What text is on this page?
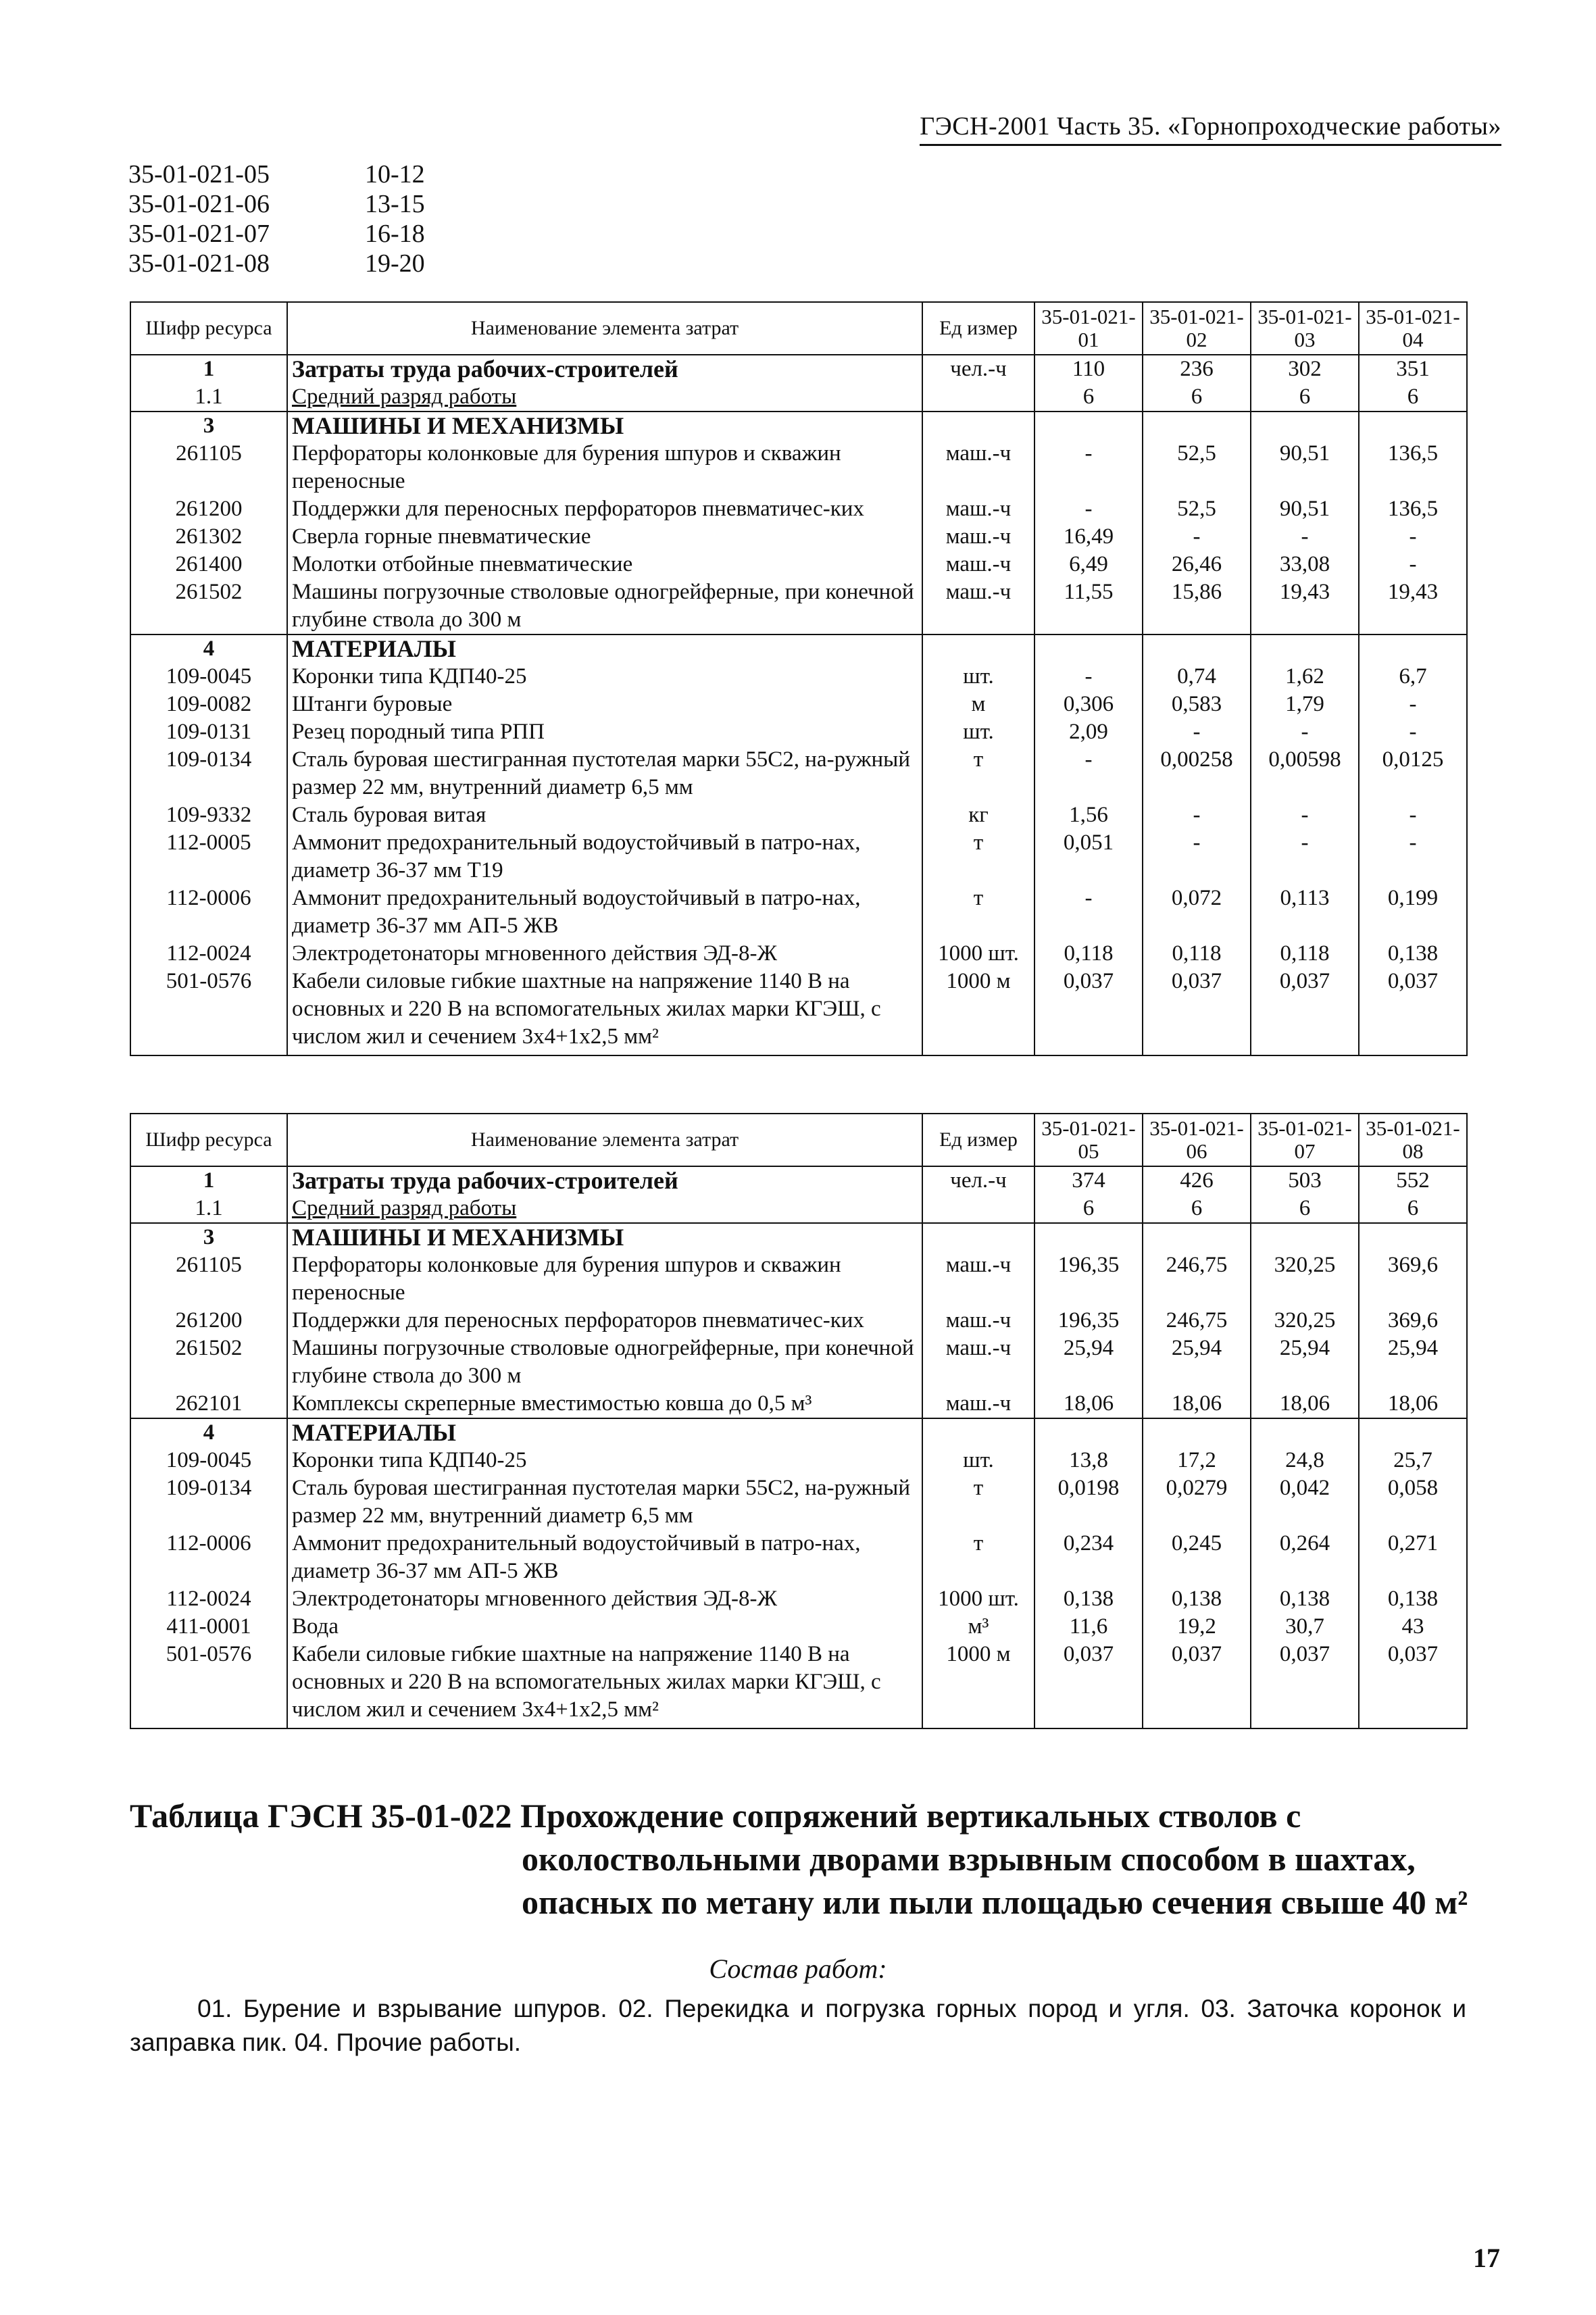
ГЭСН-2001 Часть 35. «Горнопроходческие работы»
35-01-021-05	10-12
35-01-021-06	13-15
35-01-021-07	16-18
35-01-021-08	19-20
Шифр ресурса	Наименование элемента затрат	Ед измер	35-01-021-01	35-01-021-02	35-01-021-03	35-01-021-04
1	Затраты труда рабочих-строителей	чел.-ч	110	236	302	351
1.1	Средний разряд работы		6	6	6	6
3	МАШИНЫ И МЕХАНИЗМЫ					
261105	Перфораторы колонковые для бурения шпуров и скважин переносные	маш.-ч	-	52,5	90,51	136,5
261200	Поддержки для переносных перфораторов пневматичес-ких	маш.-ч	-	52,5	90,51	136,5
261302	Сверла горные пневматические	маш.-ч	16,49	-	-	-
261400	Молотки отбойные пневматические	маш.-ч	6,49	26,46	33,08	-
261502	Машины погрузочные стволовые одногрейферные, при конечной глубине ствола до 300 м	маш.-ч	11,55	15,86	19,43	19,43
4	МАТЕРИАЛЫ					
109-0045	Коронки типа КДП40-25	шт.	-	0,74	1,62	6,7
109-0082	Штанги буровые	м	0,306	0,583	1,79	-
109-0131	Резец породный типа РПП	шт.	2,09	-	-	-
109-0134	Сталь буровая шестигранная пустотелая марки 55С2, на-ружный размер 22 мм, внутренний диаметр 6,5 мм	т	-	0,00258	0,00598	0,0125
109-9332	Сталь буровая витая	кг	1,56	-	-	-
112-0005	Аммонит предохранительный водоустойчивый в патро-нах, диаметр 36-37 мм Т19	т	0,051	-	-	-
112-0006	Аммонит предохранительный водоустойчивый в патро-нах, диаметр 36-37 мм АП-5 ЖВ	т	-	0,072	0,113	0,199
112-0024	Электродетонаторы мгновенного действия ЭД-8-Ж	1000 шт.	0,118	0,118	0,118	0,138
501-0576	Кабели силовые гибкие шахтные на напряжение 1140 В на основных и 220 В на вспомогательных жилах марки КГЭШ, с числом жил и сечением 3х4+1х2,5 мм²	1000 м	0,037	0,037	0,037	0,037
Шифр ресурса	Наименование элемента затрат	Ед измер	35-01-021-05	35-01-021-06	35-01-021-07	35-01-021-08
1	Затраты труда рабочих-строителей	чел.-ч	374	426	503	552
1.1	Средний разряд работы		6	6	6	6
3	МАШИНЫ И МЕХАНИЗМЫ					
261105	Перфораторы колонковые для бурения шпуров и скважин переносные	маш.-ч	196,35	246,75	320,25	369,6
261200	Поддержки для переносных перфораторов пневматичес-ких	маш.-ч	196,35	246,75	320,25	369,6
261502	Машины погрузочные стволовые одногрейферные, при конечной глубине ствола до 300 м	маш.-ч	25,94	25,94	25,94	25,94
262101	Комплексы скреперные вместимостью ковша до 0,5 м³	маш.-ч	18,06	18,06	18,06	18,06
4	МАТЕРИАЛЫ					
109-0045	Коронки типа КДП40-25	шт.	13,8	17,2	24,8	25,7
109-0134	Сталь буровая шестигранная пустотелая марки 55С2, на-ружный размер 22 мм, внутренний диаметр 6,5 мм	т	0,0198	0,0279	0,042	0,058
112-0006	Аммонит предохранительный водоустойчивый в патро-нах, диаметр 36-37 мм АП-5 ЖВ	т	0,234	0,245	0,264	0,271
112-0024	Электродетонаторы мгновенного действия ЭД-8-Ж	1000 шт.	0,138	0,138	0,138	0,138
411-0001	Вода	м³	11,6	19,2	30,7	43
501-0576	Кабели силовые гибкие шахтные на напряжение 1140 В на основных и 220 В на вспомогательных жилах марки КГЭШ, с числом жил и сечением 3х4+1х2,5 мм²	1000 м	0,037	0,037	0,037	0,037
Таблица ГЭСН 35-01-022 Прохождение сопряжений вертикальных стволов с
околоствольными дворами взрывным способом в шахтах,
опасных по метану или пыли площадью сечения свыше 40 м²
Состав работ:
01. Бурение и взрывание шпуров. 02. Перекидка и погрузка горных пород и угля. 03. Заточка коронок и заправка пик. 04. Прочие работы.
17
